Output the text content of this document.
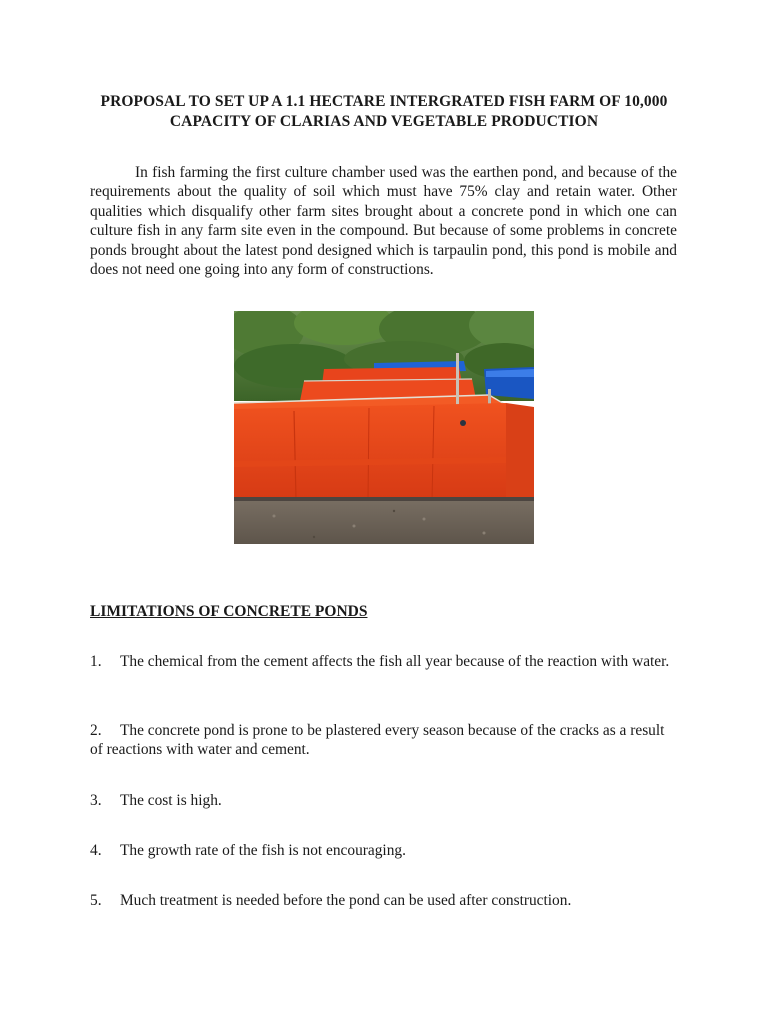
PROPOSAL TO SET UP A 1.1 HECTARE INTERGRATED FISH FARM OF 10,000 CAPACITY OF CLARIAS AND VEGETABLE PRODUCTION

In fish farming the first culture chamber used was the earthen pond, and because of the requirements about the quality of soil which must have 75% clay and retain water. Other qualities which disqualify other farm sites brought about a concrete pond in which one can culture fish in any farm site even in the compound. But because of some problems in concrete ponds brought about the latest pond designed which is tarpaulin pond, this pond is mobile and does not need one going into any form of constructions.

LIMITATIONS OF CONCRETE PONDS

1. The chemical from the cement affects the fish all year because of the reaction with water.

2. The concrete pond is prone to be plastered every season because of the cracks as a result of reactions with water and cement.

3. The cost is high.

4. The growth rate of the fish is not encouraging.

5. Much treatment is needed before the pond can be used after construction.
